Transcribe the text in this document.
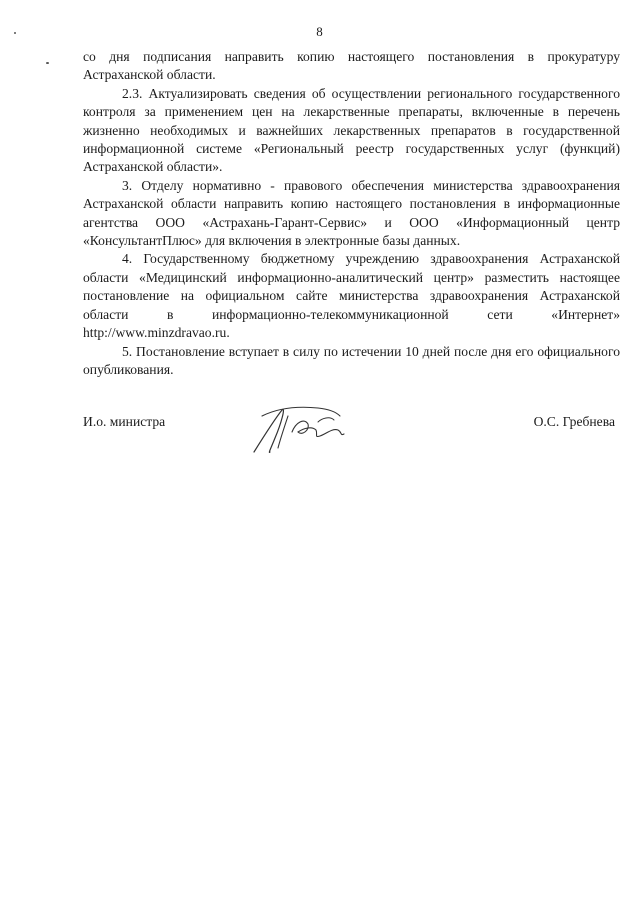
8

со дня подписания направить копию настоящего постановления в прокуратуру Астраханской области.

2.3. Актуализировать сведения об осуществлении регионального государственного контроля за применением цен на лекарственные препараты, включенные в перечень жизненно необходимых и важнейших лекарственных препаратов в государственной информационной системе «Региональный реестр государственных услуг (функций) Астраханской области».

3. Отделу нормативно - правового обеспечения министерства здравоохранения Астраханской области направить копию настоящего постановления в информационные агентства ООО «Астрахань-Гарант-Сервис» и ООО «Информационный центр «КонсультантПлюс» для включения в электронные базы данных.

4. Государственному бюджетному учреждению здравоохранения Астраханской области «Медицинский информационно-аналитический центр» разместить настоящее постановление на официальном сайте министерства здравоохранения Астраханской области в информационно-телекоммуникационной сети «Интернет» http://www.minzdravao.ru.

5. Постановление вступает в силу по истечении 10 дней после дня его официального опубликования.

И.о. министра	О.С. Гребнева
